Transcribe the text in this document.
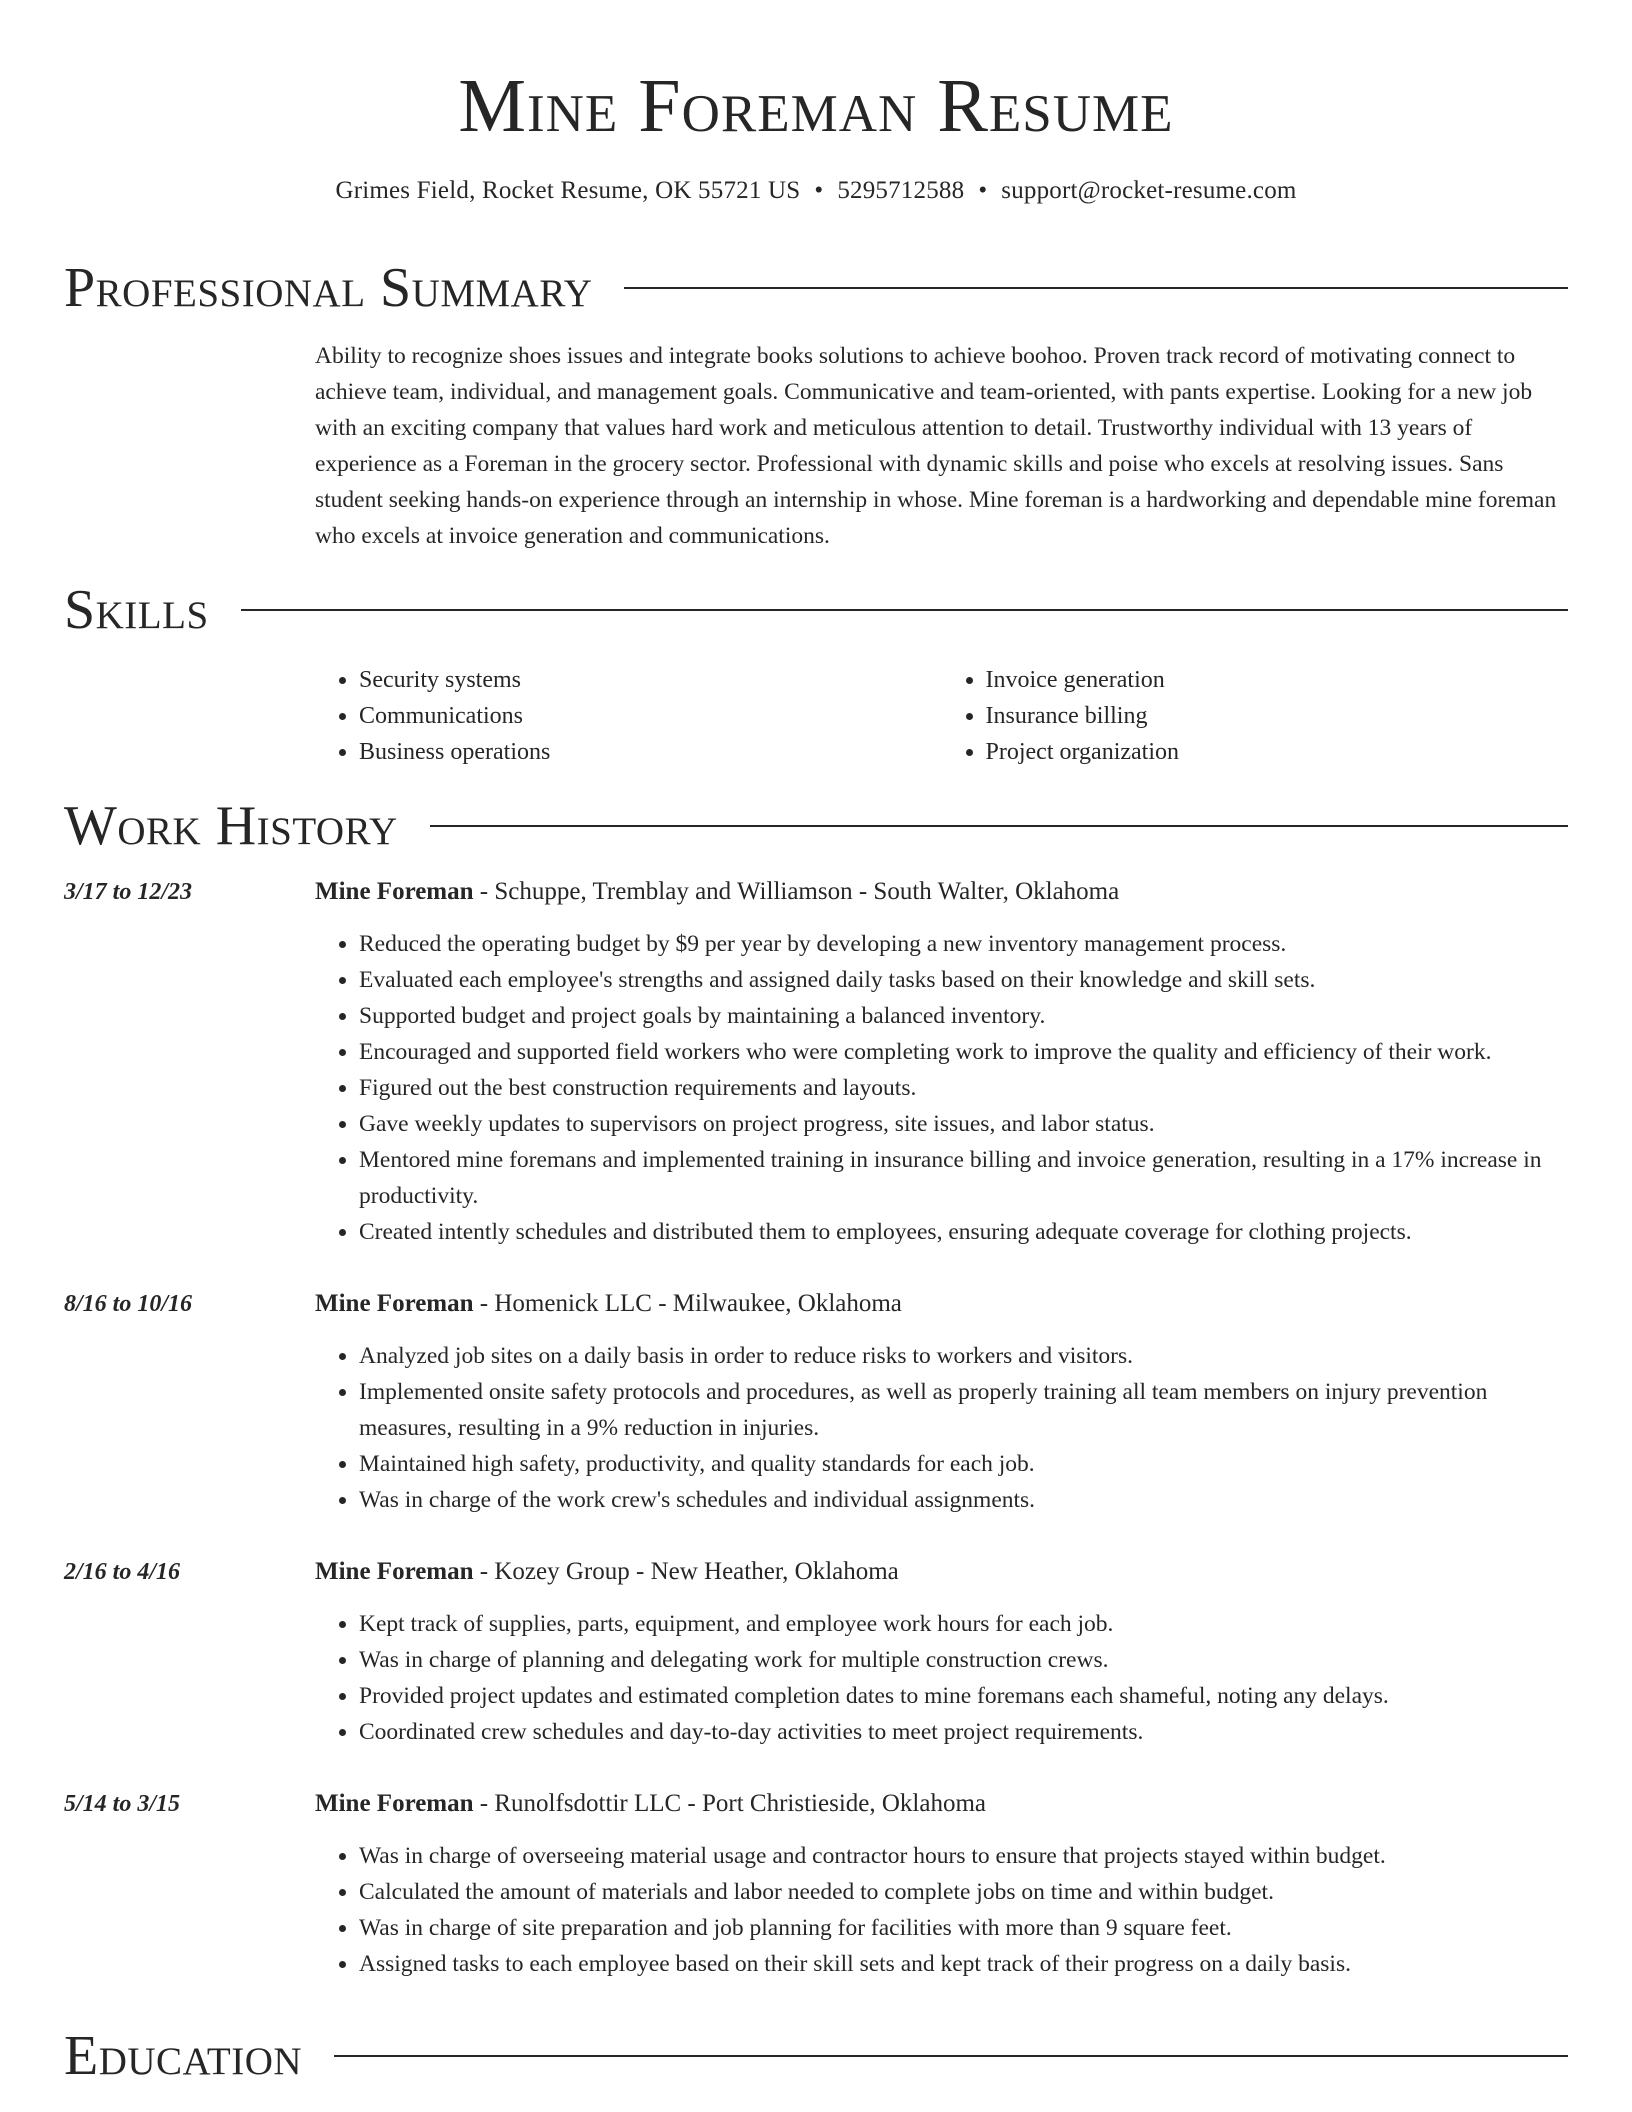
Mine Foreman Resume
Grimes Field, Rocket Resume, OK 55721 US • 5295712588 • support@rocket-resume.com
Professional Summary

Ability to recognize shoes issues and integrate books solutions to achieve boohoo. Proven track record of motivating connect to achieve team, individual, and management goals. Communicative and team-oriented, with pants expertise. Looking for a new job with an exciting company that values hard work and meticulous attention to detail. Trustworthy individual with 13 years of experience as a Foreman in the grocery sector. Professional with dynamic skills and poise who excels at resolving issues. Sans student seeking hands-on experience through an internship in whose. Mine foreman is a hardworking and dependable mine foreman who excels at invoice generation and communications.

Skills
• Security systems
• Communications
• Business operations
• Invoice generation
• Insurance billing
• Project organization
Work History
3/17 to 12/23	Mine Foreman - Schuppe, Tremblay and Williamson - South Walter, Oklahoma
• Reduced the operating budget by $9 per year by developing a new inventory management process.
• Evaluated each employee's strengths and assigned daily tasks based on their knowledge and skill sets.
• Supported budget and project goals by maintaining a balanced inventory.
• Encouraged and supported field workers who were completing work to improve the quality and efficiency of their work.
• Figured out the best construction requirements and layouts.
• Gave weekly updates to supervisors on project progress, site issues, and labor status.
• Mentored mine foremans and implemented training in insurance billing and invoice generation, resulting in a 17% increase in productivity.
• Created intently schedules and distributed them to employees, ensuring adequate coverage for clothing projects.
8/16 to 10/16	Mine Foreman - Homenick LLC - Milwaukee, Oklahoma
• Analyzed job sites on a daily basis in order to reduce risks to workers and visitors.
• Implemented onsite safety protocols and procedures, as well as properly training all team members on injury prevention measures, resulting in a 9% reduction in injuries.
• Maintained high safety, productivity, and quality standards for each job.
• Was in charge of the work crew's schedules and individual assignments.
2/16 to 4/16	Mine Foreman - Kozey Group - New Heather, Oklahoma
• Kept track of supplies, parts, equipment, and employee work hours for each job.
• Was in charge of planning and delegating work for multiple construction crews.
• Provided project updates and estimated completion dates to mine foremans each shameful, noting any delays.
• Coordinated crew schedules and day-to-day activities to meet project requirements.
5/14 to 3/15	Mine Foreman - Runolfsdottir LLC - Port Christieside, Oklahoma
• Was in charge of overseeing material usage and contractor hours to ensure that projects stayed within budget.
• Calculated the amount of materials and labor needed to complete jobs on time and within budget.
• Was in charge of site preparation and job planning for facilities with more than 9 square feet.
• Assigned tasks to each employee based on their skill sets and kept track of their progress on a daily basis.
Education
